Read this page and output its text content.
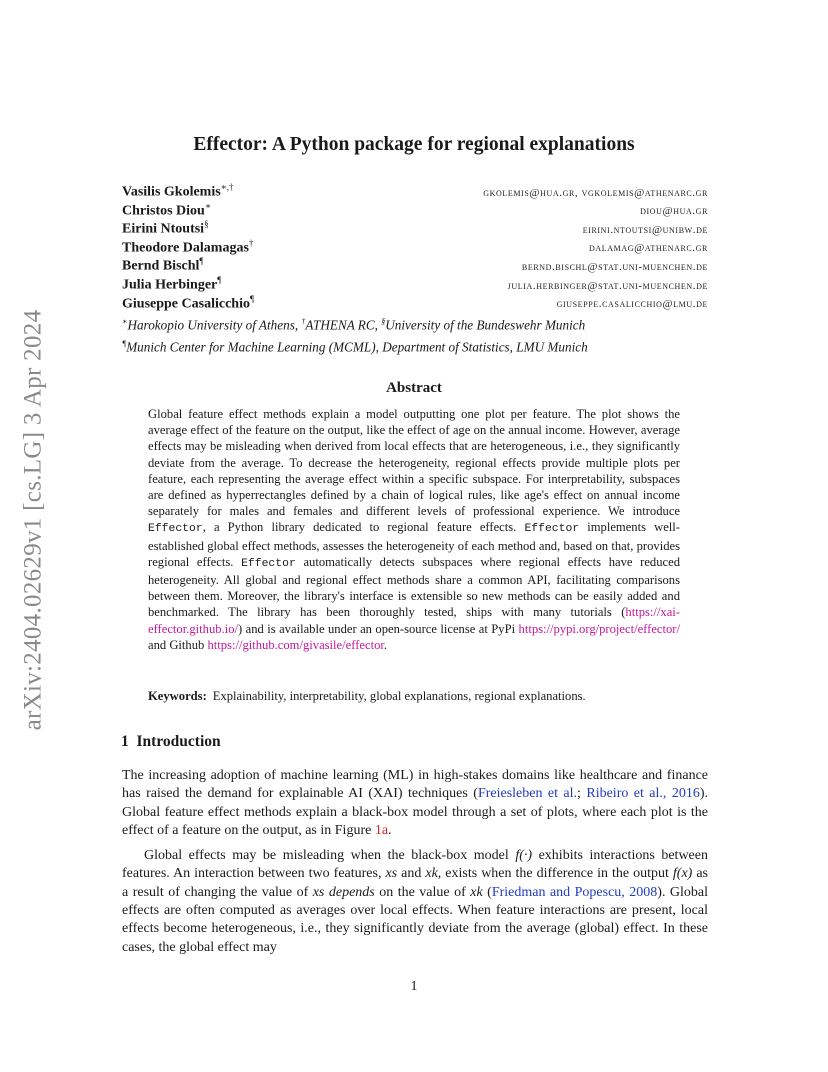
arXiv:2404.02629v1 [cs.LG] 3 Apr 2024
Effector: A Python package for regional explanations
Vasilis Gkolemis∗,†	gkolemis@hua.gr, vgkolemis@athenarc.gr
Christos Diou∗	diou@hua.gr
Eirini Ntoutsi§	eirini.ntoutsi@unibw.de
Theodore Dalamagas†	dalamag@athenarc.gr
Bernd Bischl¶	bernd.bischl@stat.uni-muenchen.de
Julia Herbinger¶	julia.herbinger@stat.uni-muenchen.de
Giuseppe Casalicchio¶	giuseppe.casalicchio@lmu.de
∗Harokopio University of Athens, †ATHENA RC, §University of the Bundeswehr Munich
¶Munich Center for Machine Learning (MCML), Department of Statistics, LMU Munich
Abstract

Global feature effect methods explain a model outputting one plot per feature. The plot shows the average effect of the feature on the output, like the effect of age on the annual income. However, average effects may be misleading when derived from local effects that are heterogeneous, i.e., they significantly deviate from the average. To decrease the heterogeneity, regional effects provide multiple plots per feature, each representing the average effect within a specific subspace. For interpretability, subspaces are defined as hyperrectangles defined by a chain of logical rules, like age's effect on annual income separately for males and females and different levels of professional experience. We introduce Effector, a Python library dedicated to regional feature effects. Effector implements well-established global effect methods, assesses the heterogeneity of each method and, based on that, provides regional effects. Effector automatically detects subspaces where regional effects have reduced heterogeneity. All global and regional effect methods share a common API, facilitating comparisons between them. Moreover, the library's interface is extensible so new methods can be easily added and benchmarked. The library has been thoroughly tested, ships with many tutorials (https://xai-effector.github.io/) and is available under an open-source license at PyPi https://pypi.org/project/effector/ and Github https://github.com/givasile/effector.

Keywords: Explainability, interpretability, global explanations, regional explanations.

1 Introduction

The increasing adoption of machine learning (ML) in high-stakes domains like healthcare and finance has raised the demand for explainable AI (XAI) techniques (Freiesleben et al.; Ribeiro et al., 2016). Global feature effect methods explain a black-box model through a set of plots, where each plot is the effect of a feature on the output, as in Figure 1a.

Global effects may be misleading when the black-box model f(·) exhibits interactions between features. An interaction between two features, xs and xk, exists when the difference in the output f(x) as a result of changing the value of xs depends on the value of xk (Friedman and Popescu, 2008). Global effects are often computed as averages over local effects. When feature interactions are present, local effects become heterogeneous, i.e., they significantly deviate from the average (global) effect. In these cases, the global effect may

1
